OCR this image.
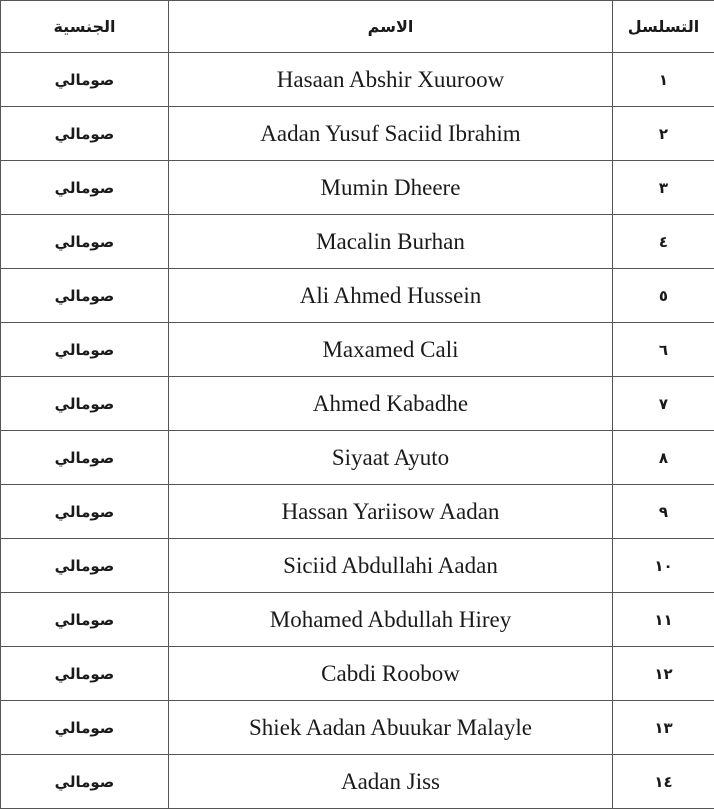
الجنسية	الاسم	التسلسل
صومالي	Hasaan Abshir Xuuroow	١
صومالي	Aadan Yusuf Saciid Ibrahim	٢
صومالي	Mumin Dheere	٣
صومالي	Macalin Burhan	٤
صومالي	Ali Ahmed Hussein	٥
صومالي	Maxamed Cali	٦
صومالي	Ahmed Kabadhe	٧
صومالي	Siyaat Ayuto	٨
صومالي	Hassan Yariisow Aadan	٩
صومالي	Siciid Abdullahi Aadan	١٠
صومالي	Mohamed Abdullah Hirey	١١
صومالي	Cabdi Roobow	١٢
صومالي	Shiek Aadan Abuukar Malayle	١٣
صومالي	Aadan Jiss	١٤
